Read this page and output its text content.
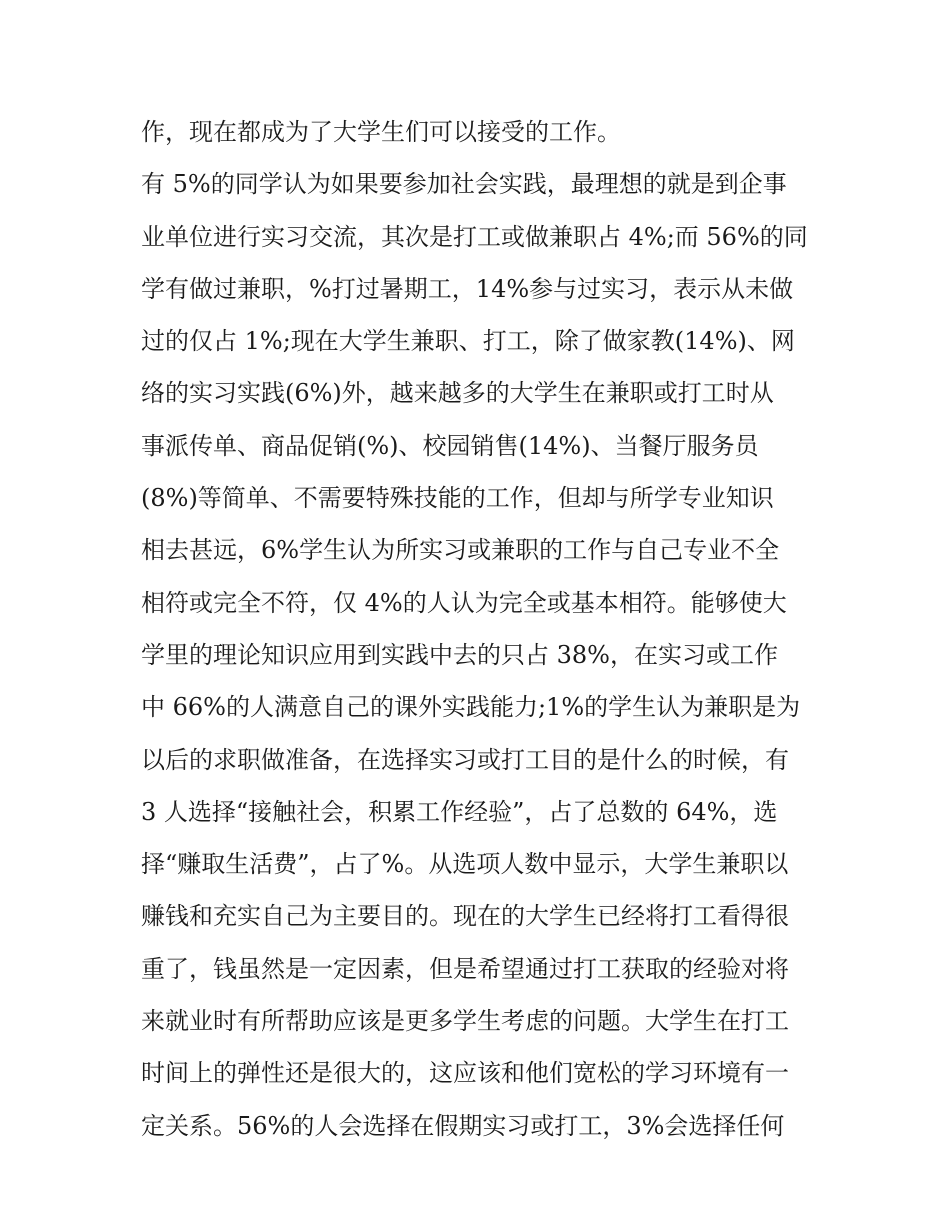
作，现在都成为了大学生们可以接受的工作。
有 5%的同学认为如果要参加社会实践，最理想的就是到企事
业单位进行实习交流，其次是打工或做兼职占 4%;而 56%的同
学有做过兼职，%打过暑期工，14%参与过实习，表示从未做
过的仅占 1%;现在大学生兼职、打工，除了做家教(14%)、网
络的实习实践(6%)外，越来越多的大学生在兼职或打工时从
事派传单、商品促销(%)、校园销售(14%)、当餐厅服务员
(8%)等简单、不需要特殊技能的工作，但却与所学专业知识
相去甚远，6%学生认为所实习或兼职的工作与自己专业不全
相符或完全不符，仅 4%的人认为完全或基本相符。能够使大
学里的理论知识应用到实践中去的只占 38%，在实习或工作
中 66%的人满意自己的课外实践能力;1%的学生认为兼职是为
以后的求职做准备，在选择实习或打工目的是什么的时候，有
3 人选择“接触社会，积累工作经验”，占了总数的 64%，选
择“赚取生活费”，占了%。从选项人数中显示，大学生兼职以
赚钱和充实自己为主要目的。现在的大学生已经将打工看得很
重了，钱虽然是一定因素，但是希望通过打工获取的经验对将
来就业时有所帮助应该是更多学生考虑的问题。大学生在打工
时间上的弹性还是很大的，这应该和他们宽松的学习环境有一
定关系。56%的人会选择在假期实习或打工，3%会选择任何
